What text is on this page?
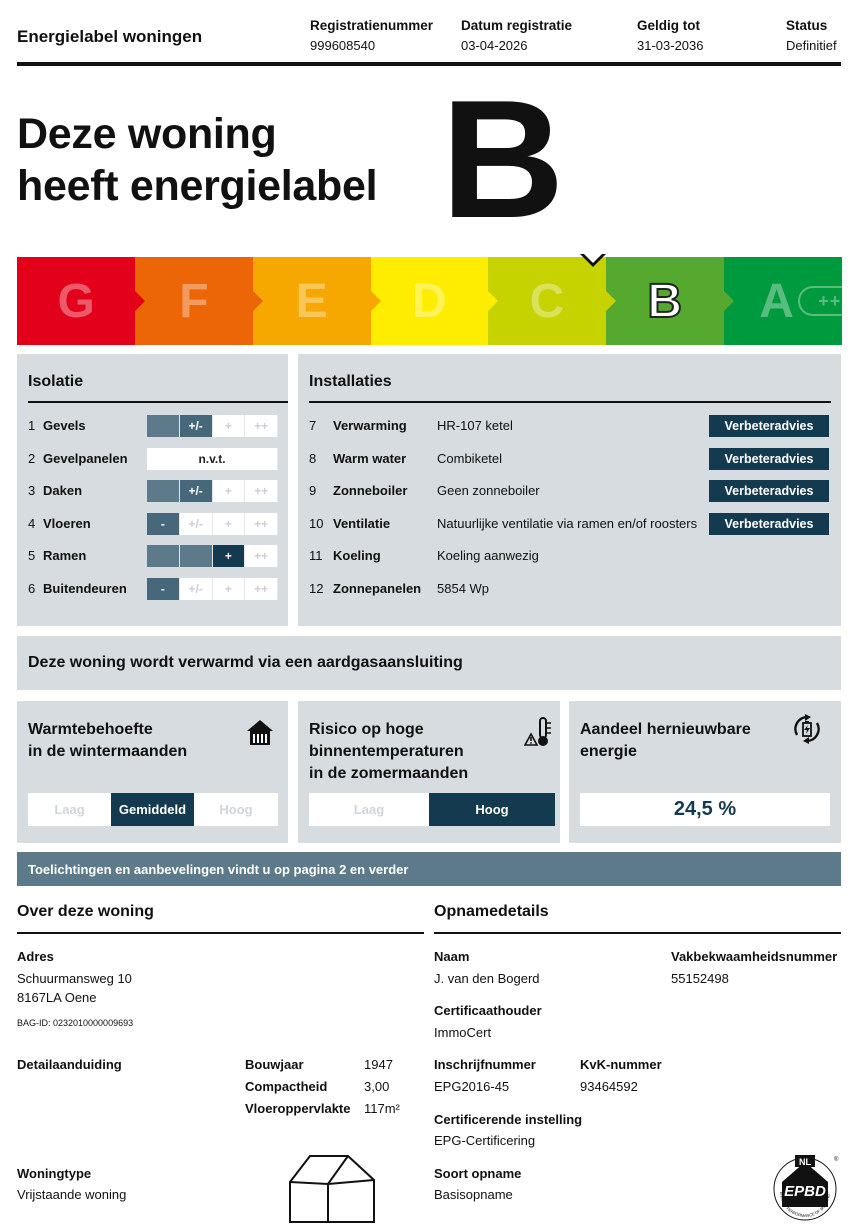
Energielabel woningen
Registratienummer
999608540
Datum registratie
03-04-2026
Geldig tot
31-03-2036
Status
Definitief
Deze woning
heeft energielabel B
G	F	E	D	C	B	A	++++
Isolatie
1 Gevels	+/-	+	++
2 Gevelpanelen	n.v.t.
3 Daken	+/-	+	++
4 Vloeren	-	+/-	+	++
5 Ramen	+	++
6 Buitendeuren	-	+/-	+	++
Installaties
7	Verwarming HR-107 ketel	Verbeteradvies
8	Warm water Combiketel	Verbeteradvies
9	Zonneboiler Geen zonneboiler	Verbeteradvies
10 Ventilatie	Natuurlijke ventilatie via ramen en/of roosters	Verbeteradvies
11 Koeling	Koeling aanwezig
12 Zonnepanelen 5854 Wp
Deze woning wordt verwarmd via een aardgasaansluiting
Warmtebehoefte
in de wintermaanden
Laag	Gemiddeld	Hoog
Risico op hoge
binnentemperaturen
in de zomermaanden
Laag	Hoog
Aandeel hernieuwbare
energie
24,5 %
Toelichtingen en aanbevelingen vindt u op pagina 2 en verder
Over deze woning
Adres
Schuurmansweg 10
8167LA Oene
BAG-ID: 0232010000009693
Detailaanduiding	Bouwjaar	1947
Compactheid	3,00
Vloeroppervlakte 117m²
Woningtype
Vrijstaande woning
Opnamedetails
Naam
J. van den Bogerd
Vakbekwaamheidsnummer
55152498
Certificaathouder
ImmoCert
Inschrijfnummer
EPG2016-45
KvK-nummer
93464592
Certificerende instelling
EPG-Certificering
Soort opname
Basisopname
NL
EPBD
ENERGY PERFORMANCE OF BUILDING
®
